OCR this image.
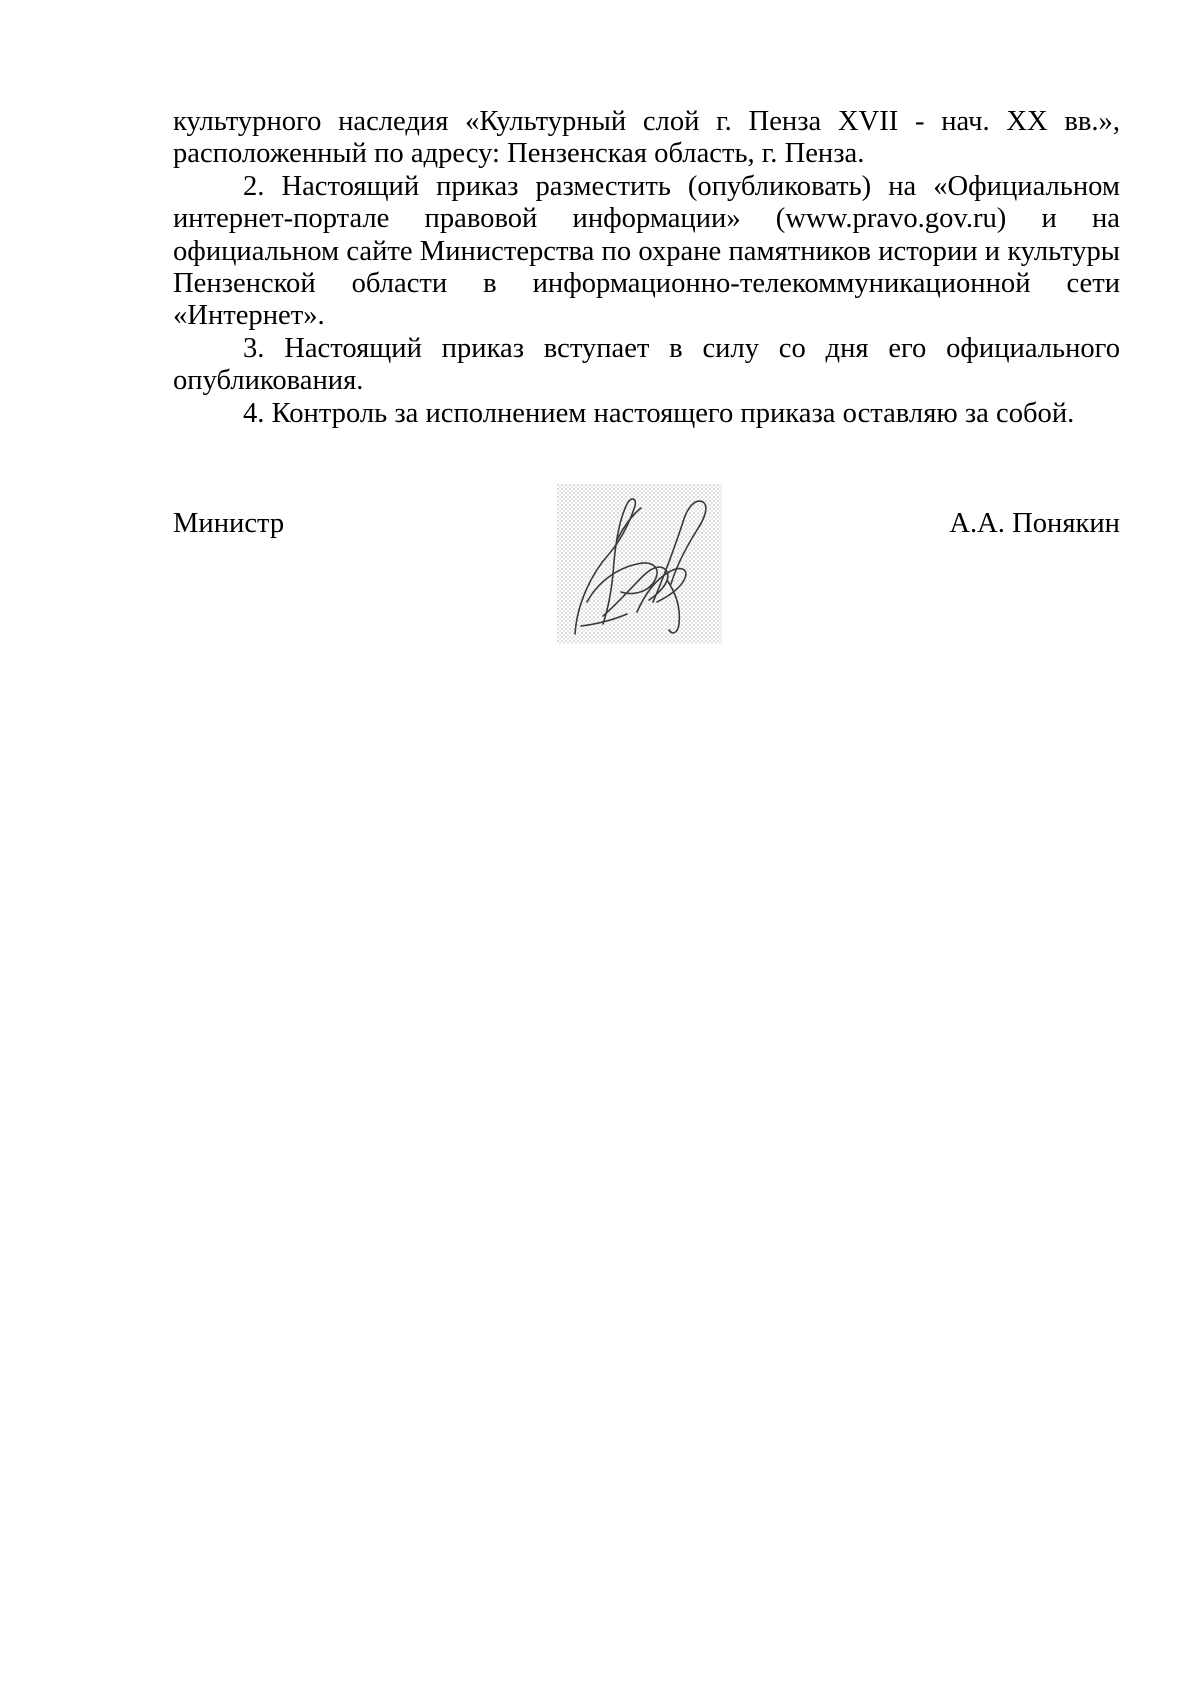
культурного наследия «Культурный слой г. Пенза XVII - нач. XX вв.», расположенный по адресу: Пензенская область, г. Пенза.

2. Настоящий приказ разместить (опубликовать) на «Официальном интернет-портале правовой информации» (www.pravo.gov.ru) и на официальном сайте Министерства по охране памятников истории и культуры Пензенской области в информационно-телекоммуникационной сети «Интернет».

3. Настоящий приказ вступает в силу со дня его официального опубликования.

4. Контроль за исполнением настоящего приказа оставляю за собой.

Министр	А.А. Понякин
